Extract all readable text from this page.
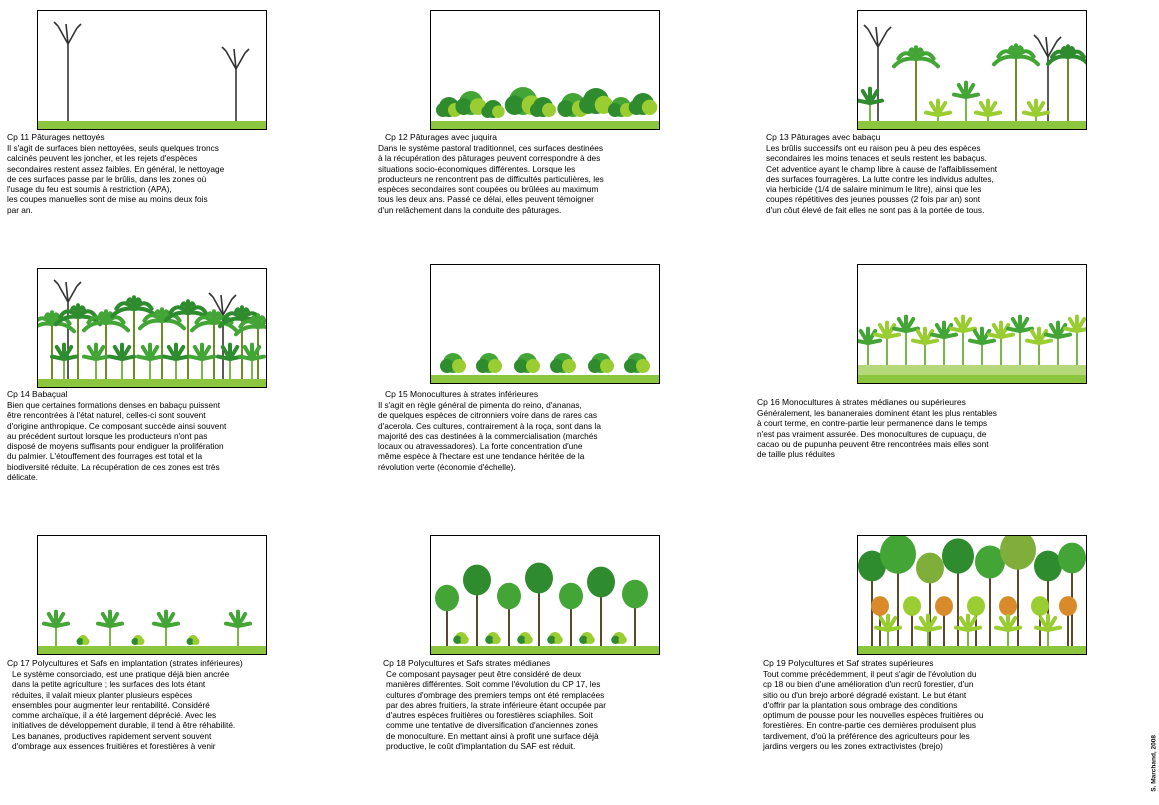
Cp 11 Pâturages nettoyés
Il s'agit de surfaces bien nettoyées, seuls quelques troncs
calcinés peuvent les joncher, et les rejets d'espèces
secondaires restent assez faibles. En général, le nettoyage
de ces surfaces passe par le brûlis, dans les zones où
l'usage du feu est soumis à restriction (APA),
les coupes manuelles sont de mise au moins deux fois
par an.
Cp 12 Pâturages avec juquira
Dans le système pastoral traditionnel, ces surfaces destinées
à la récupération des pâturages peuvent correspondre à des
situations socio-économiques différentes. Lorsque les
producteurs ne rencontrent pas de difficultés particulières, les
espèces secondaires sont coupées ou brûlées au maximum
tous les deux ans. Passé ce délai, elles peuvent témoigner
d'un relâchement dans la conduite des pâturages.
Cp 13 Pâturages avec babaçu
Les brûlis successifs ont eu raison peu à peu des espèces
secondaires les moins tenaces et seuls restent les babaçus.
Cet adventice ayant le champ libre à cause de l'affaiblissement
des surfaces fourragères. La lutte contre les individus adultes,
via herbicide (1/4 de salaire minimum le litre), ainsi que les
coupes répétitives des jeunes pousses (2 fois par an) sont
d'un côut élevé de fait elles ne sont pas à la portée de tous.
Cp 14 Babaçual
Bien que certaines formations denses en babaçu puissent
être rencontrées à l'état naturel, celles-ci sont souvent
d'origine anthropique. Ce composant succède ainsi souvent
au précédent surtout lorsque les producteurs n'ont pas
disposé de moyens suffisants pour endiguer la prolifération
du palmier. L'étouffement des fourrages est total et la
biodiversité réduite. La récupération de ces zones est très
délicate.
Cp 15 Monocultures à strates inférieures
Il s'agit en règle général de pimenta do reino, d'ananas,
de quelques espèces de citronniers voire dans de rares cas
d'acerola. Ces cultures, contrairement à la roça, sont dans la
majorité des cas destinées à la commercialisation (marchés
locaux ou atravessadores). La forte concentration d'une
même espèce à l'hectare est une tendance héritée de la
révolution verte (économie d'échelle).
Cp 16 Monocultures à strates médianes ou supérieures
Généralement, les bananeraies dominent étant les plus rentables
à court terme, en contre-partie leur permanence dans le temps
n'est pas vraiment assurée. Des monocultures de cupuaçu, de
cacao ou de pupunha peuvent être rencontrées mais elles sont
de taille plus réduites
Cp 17 Polycultures et Safs en implantation (strates inférieures)
Le système consorciado, est une pratique déjà bien ancrée
dans la petite agriculture ; les surfaces des lots étant
réduites, il valait mieux planter plusieurs espèces
ensembles pour augmenter leur rentabilité. Considéré
comme archaïque, il a été largement déprécié. Avec les
initiatives de développement durable, il tend à être réhabilité.
Les bananes, productives rapidement servent souvent
d'ombrage aux essences fruitières et forestières à venir
Cp 18 Polycultures et Safs strates médianes
Ce composant paysager peut être considéré de deux
manières différentes. Soit comme l'évolution du CP 17, les
cultures d'ombrage des premiers temps ont été remplacées
par des abres fruitiers, la strate inférieure étant occupée par
d'autres espèces fruitières ou forestières sciaphiles. Soit
comme une tentative de diversification d'anciennes zones
de monoculture. En mettant ainsi à profit une surface déjà
productive, le coût d'implantation du SAF est réduit.
Cp 19 Polycultures et Saf strates supérieures
Tout comme précédemment, il peut s'agir de l'évolution du
cp 18 ou bien d'une amélioration d'un recrû forestier, d'un
sitio ou d'un brejo arboré dégradé existant. Le but étant
d'offrir par la plantation sous ombrage des conditions
optimum de pousse pour les nouvelles espèces fruitières ou
forestières. En contre-partie ces dernières produisent plus
tardivement, d'où la préférence des agriculteurs pour les
jardins vergers ou les zones extractivistes (brejo)	S. Marchand, 2008
